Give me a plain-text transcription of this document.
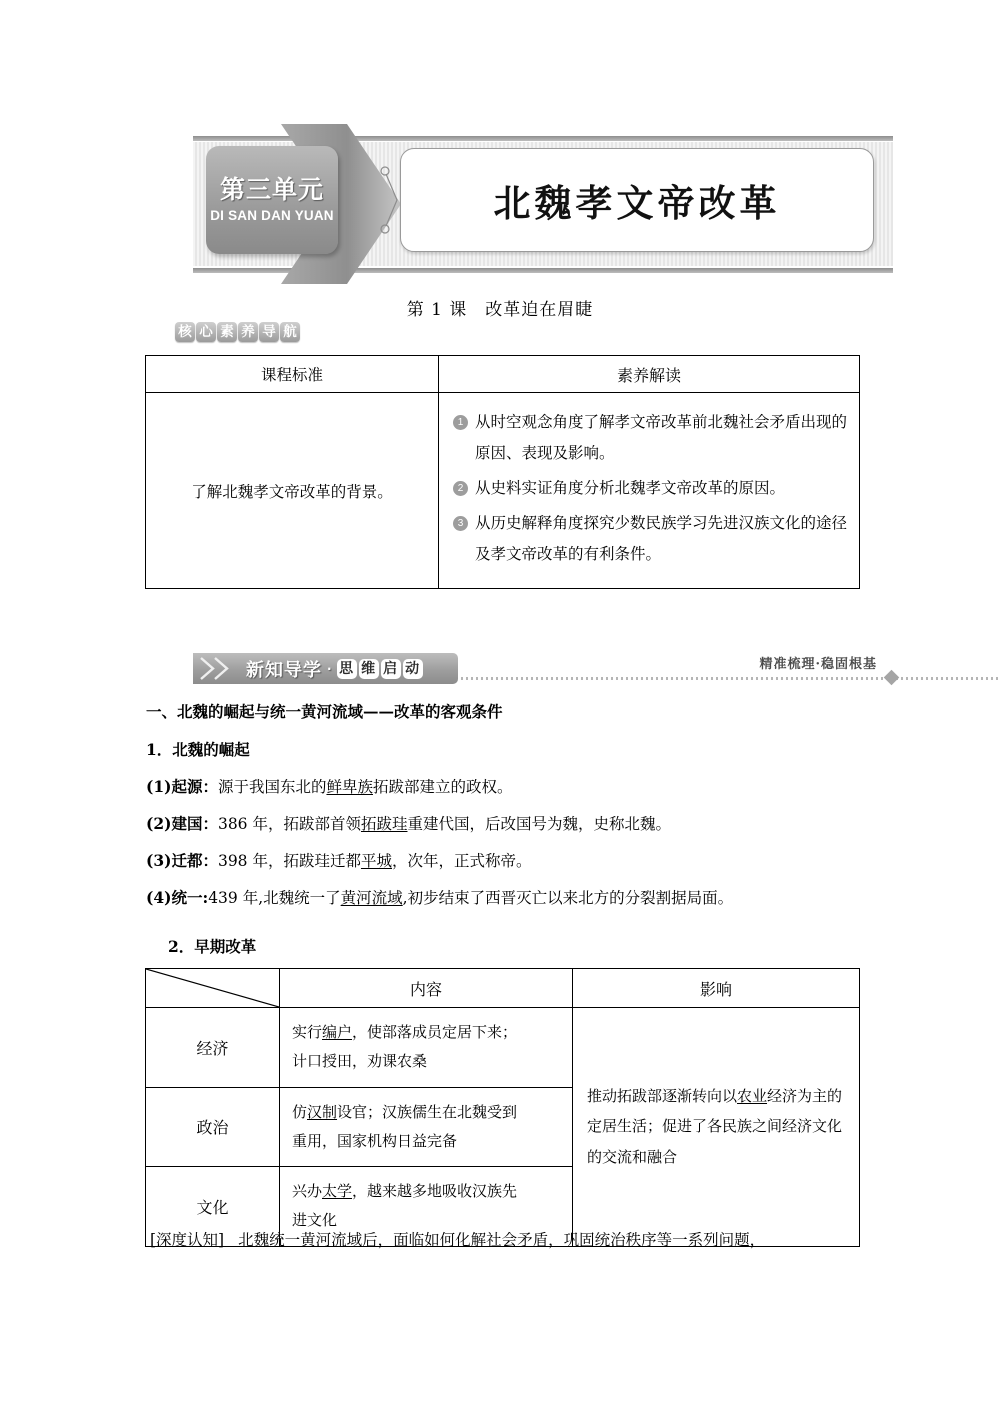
第三单元
DI SAN DAN YUAN	北魏孝文帝改革
第 1 课　改革迫在眉睫
核 心 素 养 导 航
课程标准	素养解读
了解北魏孝文帝改革的背景。	
1 从时空观念角度了解孝文帝改革前北魏社会矛盾出现的原因、表现及影响。
2 从史料实证角度分析北魏孝文帝改革的原因。
3 从历史解释角度探究少数民族学习先进汉族文化的途径及孝文帝改革的有利条件。
新知导学 · 思 维 启 动	精准梳理·稳固根基
一、北魏的崛起与统一黄河流域——改革的客观条件
1．北魏的崛起
(1)起源：源于我国东北的鲜卑族拓跋部建立的政权。
(2)建国：386 年，拓跋部首领拓跋珪重建代国，后改国号为魏，史称北魏。
(3)迁都：398 年，拓跋珪迁都平城，次年，正式称帝。
(4)统一:439 年,北魏统一了黄河流域,初步结束了西晋灭亡以来北方的分裂割据局面。
2．早期改革
	内容	影响
经济	实行编户，使部落成员定居下来；
计口授田，劝课农桑	推动拓跋部逐渐转向以农业经济为主的定居生活；促进了各民族之间经济文化的交流和融合
政治	仿汉制设官；汉族儒生在北魏受到
重用，国家机构日益完备	

文化	兴办太学，越来越多地吸收汉族先
进文化	
[深度认知] 北魏统一黄河流域后，面临如何化解社会矛盾，巩固统治秩序等一系列问题，
